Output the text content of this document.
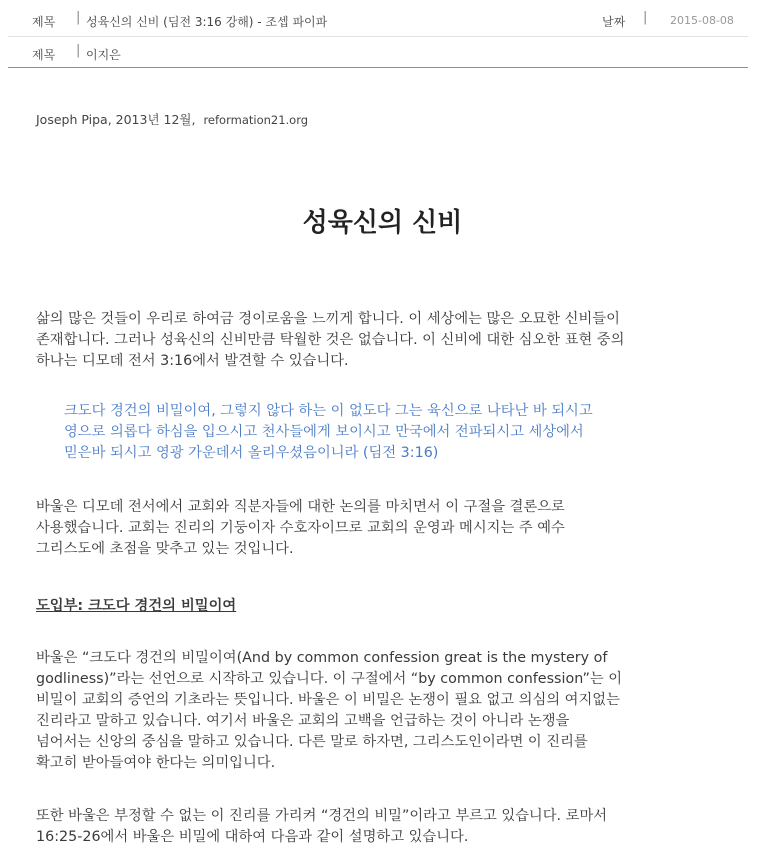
제목 | 성육신의 신비 (딤전 3:16 강해) - 조셉 파이파	날짜 | 2015-08-08
제목 | 이지은
Joseph Pipa, 2013년 12월, reformation21.org
성육신의 신비
삶의 많은 것들이 우리로 하여금 경이로움을 느끼게 합니다. 이 세상에는 많은 오묘한 신비들이
존재합니다. 그러나 성육신의 신비만큼 탁월한 것은 없습니다. 이 신비에 대한 심오한 표현 중의
하나는 디모데 전서 3:16에서 발견할 수 있습니다.
크도다 경건의 비밀이여, 그렇지 않다 하는 이 없도다 그는 육신으로 나타난 바 되시고
영으로 의롭다 하심을 입으시고 천사들에게 보이시고 만국에서 전파되시고 세상에서
믿은바 되시고 영광 가운데서 올리우셨음이니라 (딤전 3:16)
바울은 디모데 전서에서 교회와 직분자들에 대한 논의를 마치면서 이 구절을 결론으로
사용했습니다. 교회는 진리의 기둥이자 수호자이므로 교회의 운영과 메시지는 주 예수
그리스도에 초점을 맞추고 있는 것입니다.
도입부: 크도다 경건의 비밀이여
바울은 “크도다 경건의 비밀이여(And by common confession great is the mystery of
godliness)”라는 선언으로 시작하고 있습니다. 이 구절에서 “by common confession”는 이
비밀이 교회의 증언의 기초라는 뜻입니다. 바울은 이 비밀은 논쟁이 필요 없고 의심의 여지없는
진리라고 말하고 있습니다. 여기서 바울은 교회의 고백을 언급하는 것이 아니라 논쟁을
넘어서는 신앙의 중심을 말하고 있습니다. 다른 말로 하자면, 그리스도인이라면 이 진리를
확고히 받아들여야 한다는 의미입니다.
또한 바울은 부정할 수 없는 이 진리를 가리켜 “경건의 비밀”이라고 부르고 있습니다. 로마서
16:25-26에서 바울은 비밀에 대하여 다음과 같이 설명하고 있습니다.
